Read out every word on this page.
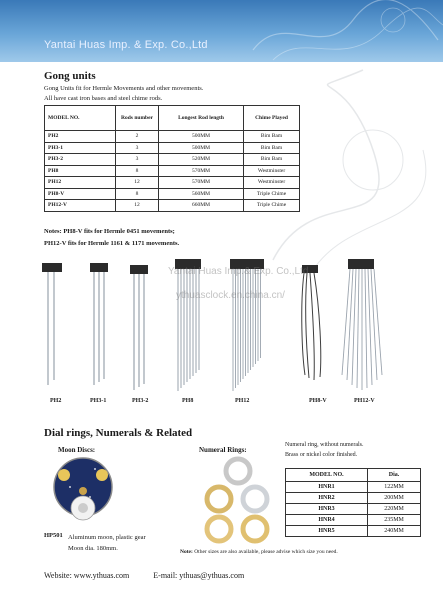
Yantai Huas Imp. & Exp. Co.,Ltd
Gong units
Gong Units fit for Hermle Movements and other movements.
All have cast iron bases and steel chime rods.
MODEL NO.	Rods number	Longest Rod length	Chime Played
PH2	2	500MM	Bim Bam
PH3-1	3	500MM	Bim Bam
PH3-2	3	520MM	Bim Bam
PH8	8	570MM	Westminster
PH12	12	570MM	Westminster
PH8-V	8	560MM	Triple Chime
PH12-V	12	660MM	Triple Chime
Notes: PH8-V fits for Hermle 0451 movements;
PH12-V fits for Hermle 1161 & 1171 movements.
Yantai Huas Imp.& Exp. Co.,Ltd
ythuasclock.en.china.cn/
PH2	PH3-1	PH3-2	PH8	PH12	PH8-V	PH12-V
Dial rings, Numerals & Related
Moon Discs:
HP501 Aluminum moon, plastic gear
Moon dia. 180mm.
Numeral Rings:
Numeral ring, without numerals.
Brass or nickel color finished.
MODEL NO.	Dia.
HNR1	122MM
HNR2	200MM
HNR3	220MM
HNR4	235MM
HNR5	240MM
Note: Other sizes are also available, please advise which size you need.
Website: www.ythuas.com	E-mail: ythuas@ythuas.com
